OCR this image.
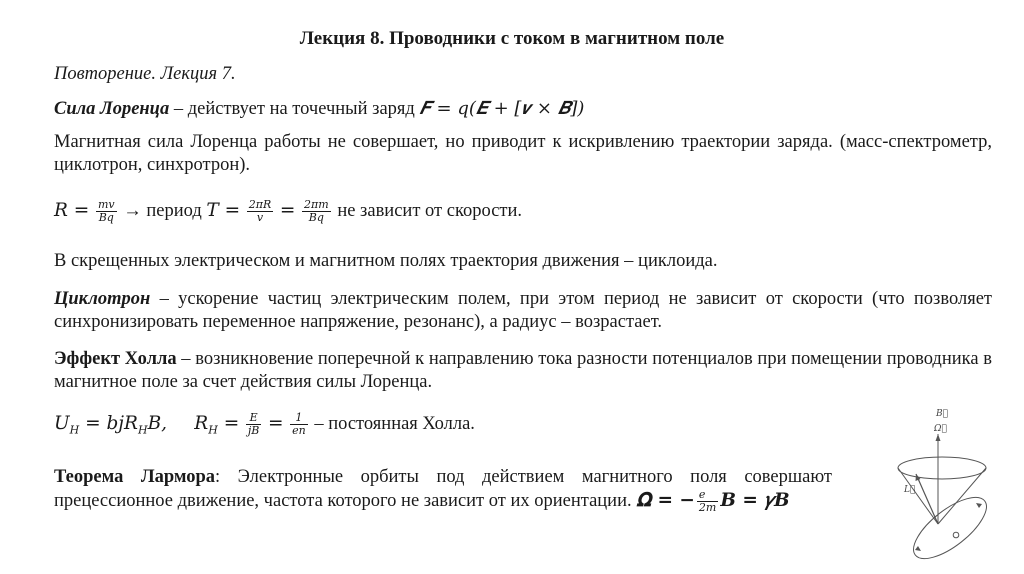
Лекция 8. Проводники с током в магнитном поле
Повторение. Лекция 7.
Сила Лоренца – действует на точечный заряд 𝑭 = 𝑞(𝑬 + [𝒗 × 𝑩])
Магнитная сила Лоренца работы не совершает, но приводит к искривлению траектории заряда. (масс-спектрометр, циклотрон, синхротрон).
𝑅 = $\frac{\text{𝑚𝑣}}{\text{𝐵𝑞}}$ → период 𝑇 = $\frac{\text{2𝜋𝑅}}{\text{𝑣}} = \frac{\text{2𝜋𝑚}}{\text{𝐵𝑞}}$ не зависит от скорости.
В скрещенных электрическом и магнитном полях траектория движения – циклоида.
Циклотрон – ускорение частиц электрическим полем, при этом период не зависит от скорости (что позволяет синхронизировать переменное напряжение, резонанс), а радиус – возрастает.
Эффект Холла – возникновение поперечной к направлению тока разности потенциалов при помещении проводника в магнитное поле за счет действия силы Лоренца.
𝑈$_𝐻$ = 𝑏𝑗𝑅$_𝐻$𝐵, 𝑅$_𝐻$ = $\frac{\text{𝐸}}{\text{𝑗𝐵}} = \frac{1}{\text{𝑒𝑛}}$ – постоянная Холла.
Теорема Лармора: Электронные орбиты под действием магнитного поля совершают прецессионное движение, частота которого не зависит от их ориентации. 𝛀 = − $\frac{\text{𝑒}}{\text{2𝑚}}$ 𝑩 = 𝛾𝑩
B⃗
Ω⃗
L⃗
